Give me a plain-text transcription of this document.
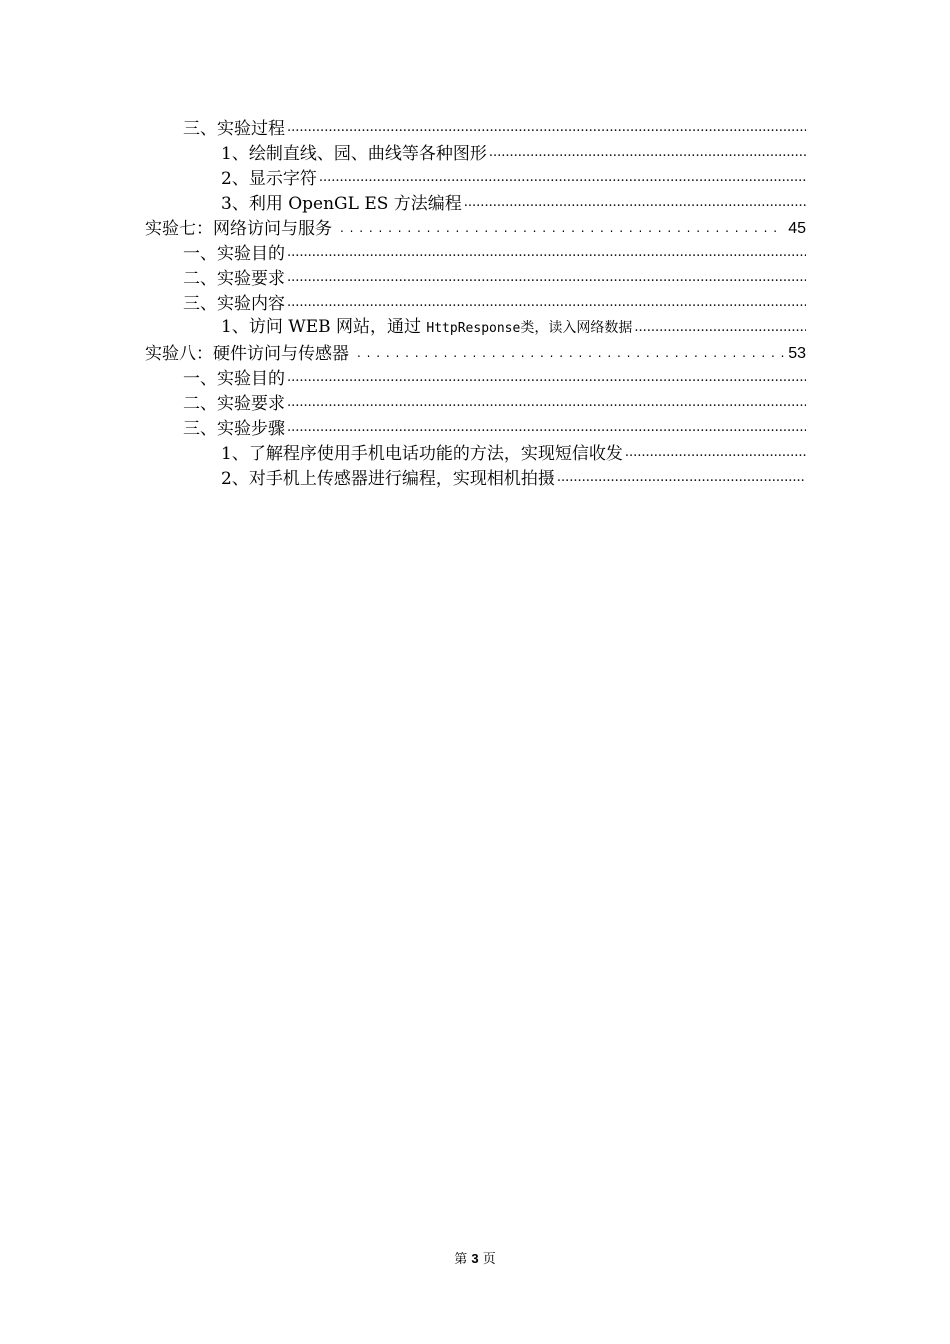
三、实验过程
.....
1、绘制直线、园、曲线等各种图形
.....
2、显示字符
.....
3、利用 OpenGL ES 方法编程
.....
实验七：网络访问与服务 . . .	45
一、实验目的
.....
二、实验要求
.....
三、实验内容
.....
1、访问 WEB 网站，通过 HttpResponse类，读入网络数据
.....
实验八：硬件访问与传感器 . . .	53
一、实验目的
.....
二、实验要求
.....
三、实验步骤
.....
1、了解程序使用手机电话功能的方法，实现短信收发
.....
2、对手机上传感器进行编程，实现相机拍摄
.....
第 3 页
